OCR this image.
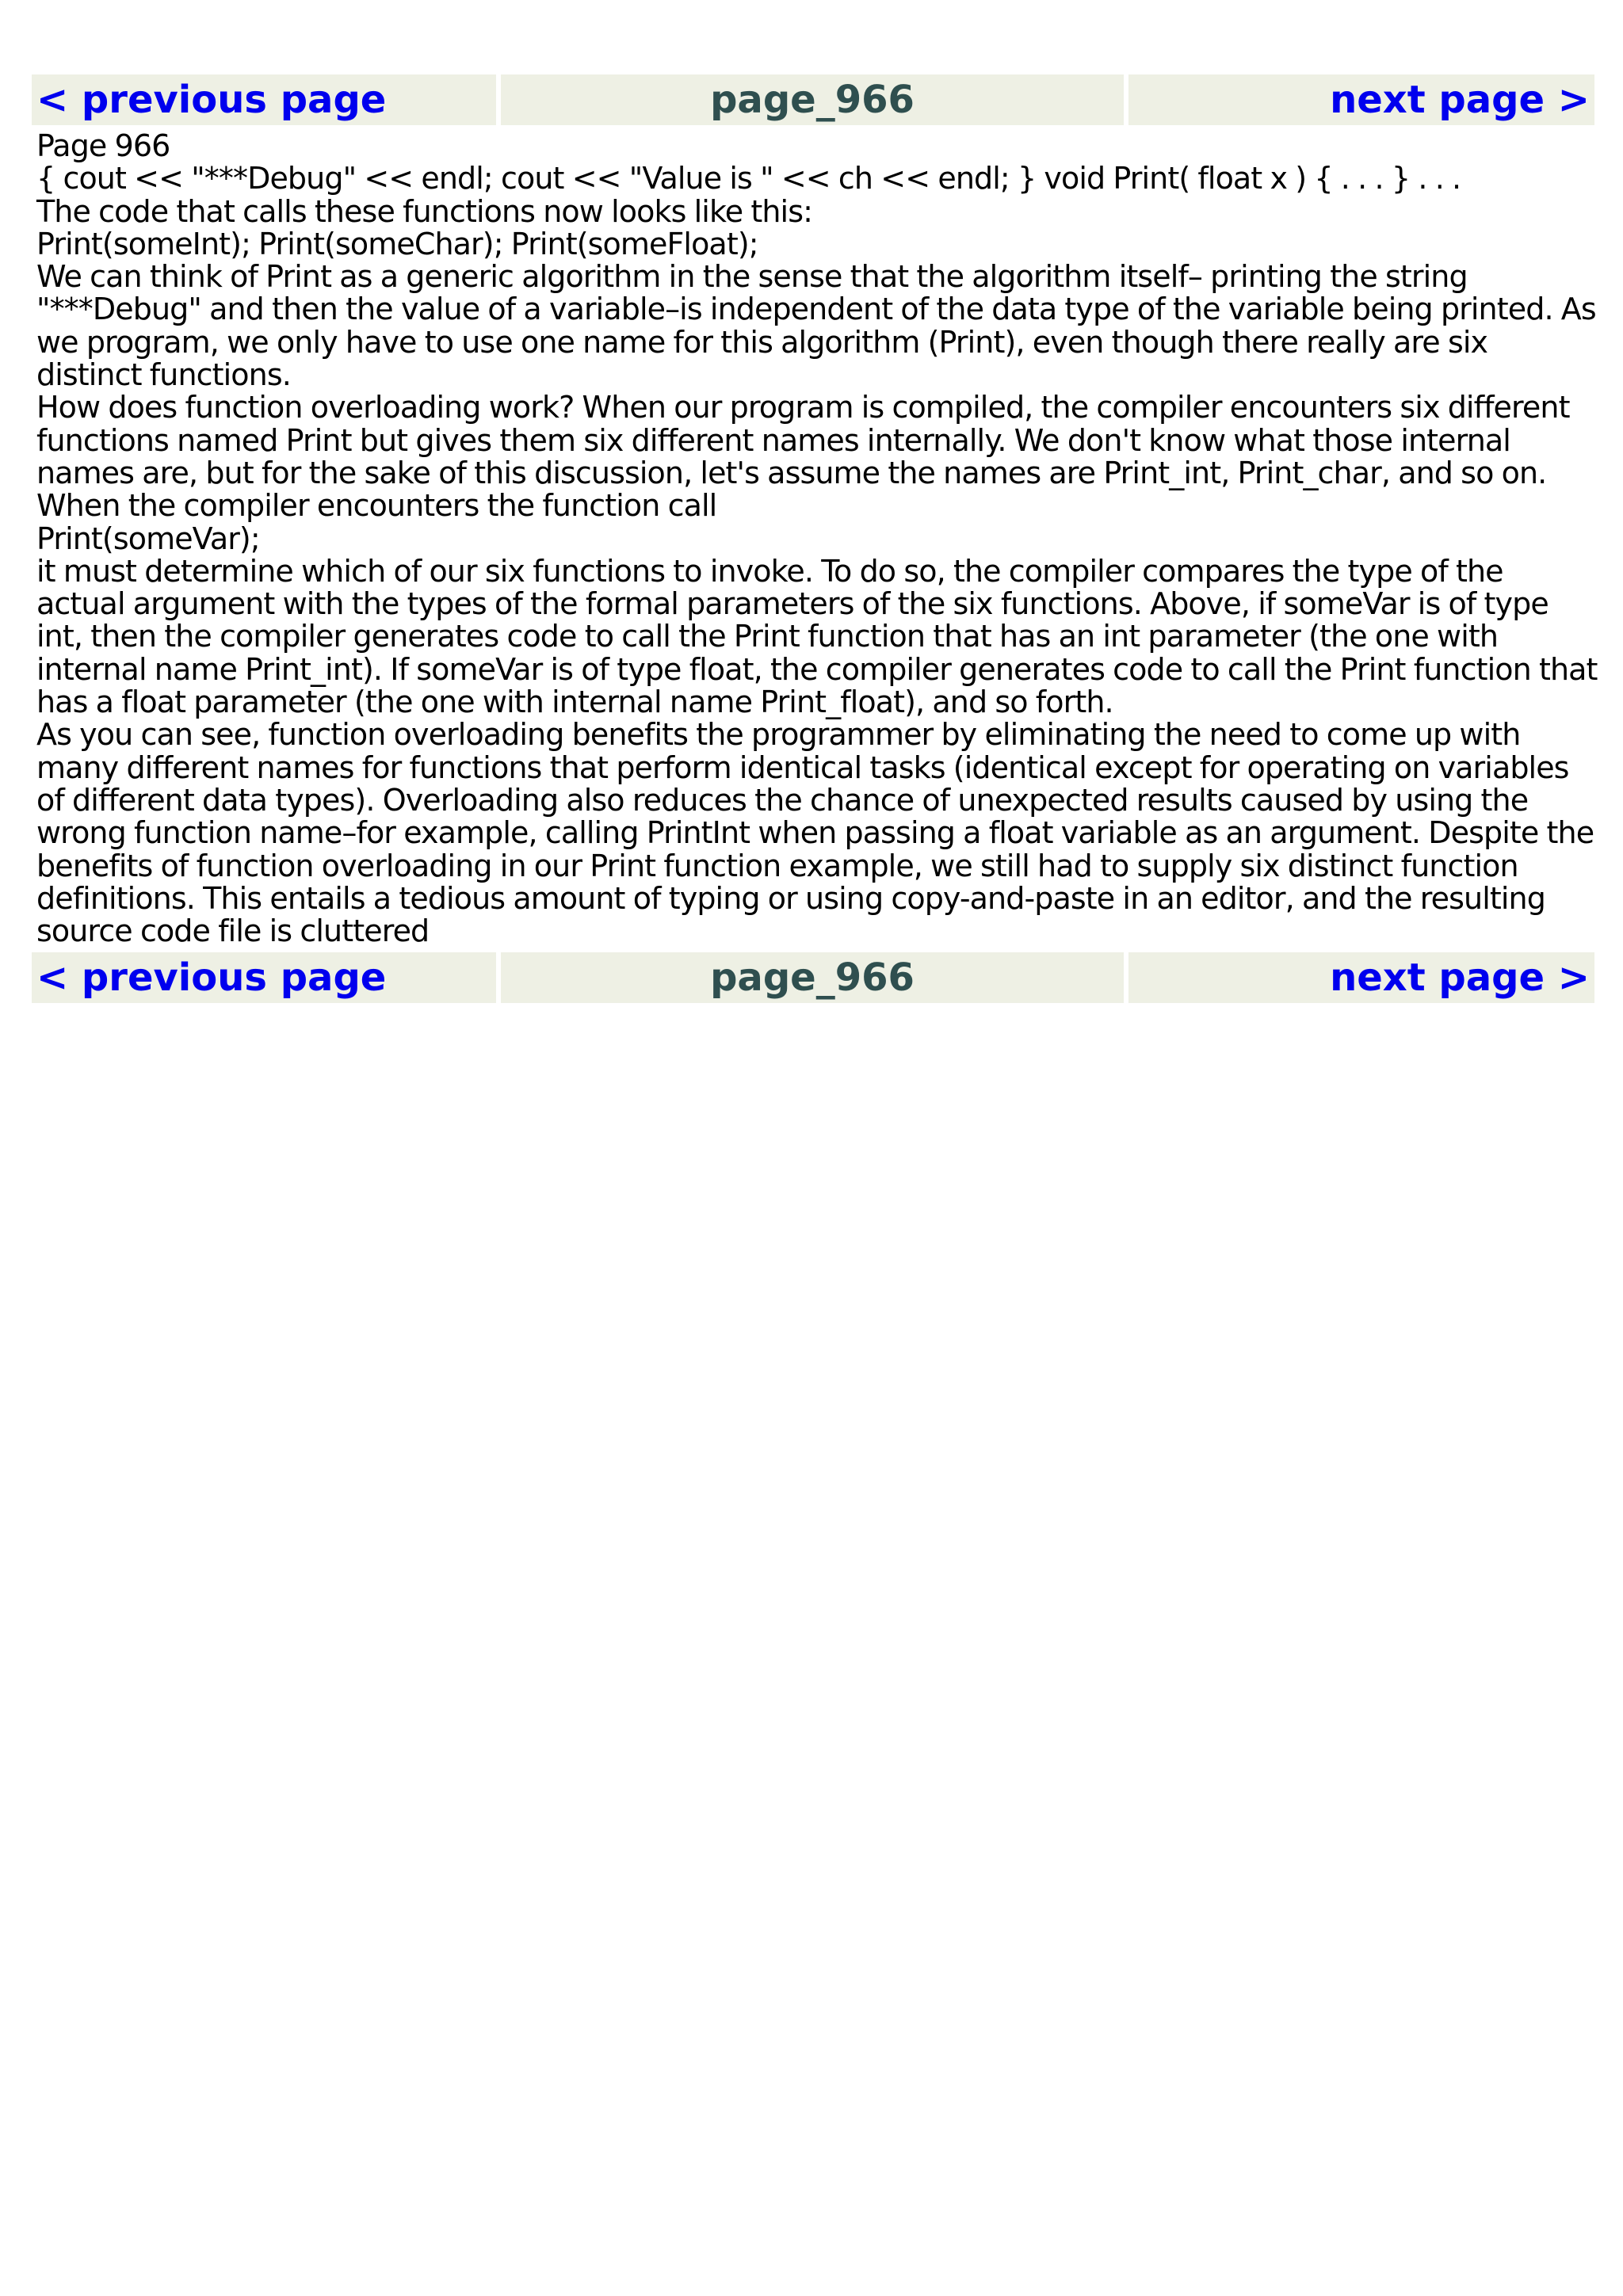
< previous page	page_966	next page >

Page 966

{ cout << "***Debug" << endl; cout << "Value is " << ch << endl; } void Print( float x ) { . . . } . . .

The code that calls these functions now looks like this:

Print(someInt); Print(someChar); Print(someFloat);

We can think of Print as a generic algorithm in the sense that the algorithm itself– printing the string "***Debug" and then the value of a variable–is independent of the data type of the variable being printed. As we program, we only have to use one name for this algorithm (Print), even though there really are six distinct functions.

How does function overloading work? When our program is compiled, the compiler encounters six different functions named Print but gives them six different names internally. We don't know what those internal names are, but for the sake of this discussion, let's assume the names are Print_int, Print_char, and so on. When the compiler encounters the function call

Print(someVar);

it must determine which of our six functions to invoke. To do so, the compiler compares the type of the actual argument with the types of the formal parameters of the six functions. Above, if someVar is of type int, then the compiler generates code to call the Print function that has an int parameter (the one with internal name Print_int). If someVar is of type float, the compiler generates code to call the Print function that has a float parameter (the one with internal name Print_float), and so forth.

As you can see, function overloading benefits the programmer by eliminating the need to come up with many different names for functions that perform identical tasks (identical except for operating on variables of different data types). Overloading also reduces the chance of unexpected results caused by using the wrong function name–for example, calling PrintInt when passing a float variable as an argument. Despite the benefits of function overloading in our Print function example, we still had to supply six distinct function definitions. This entails a tedious amount of typing or using copy-and-paste in an editor, and the resulting source code file is cluttered

< previous page	page_966	next page >
